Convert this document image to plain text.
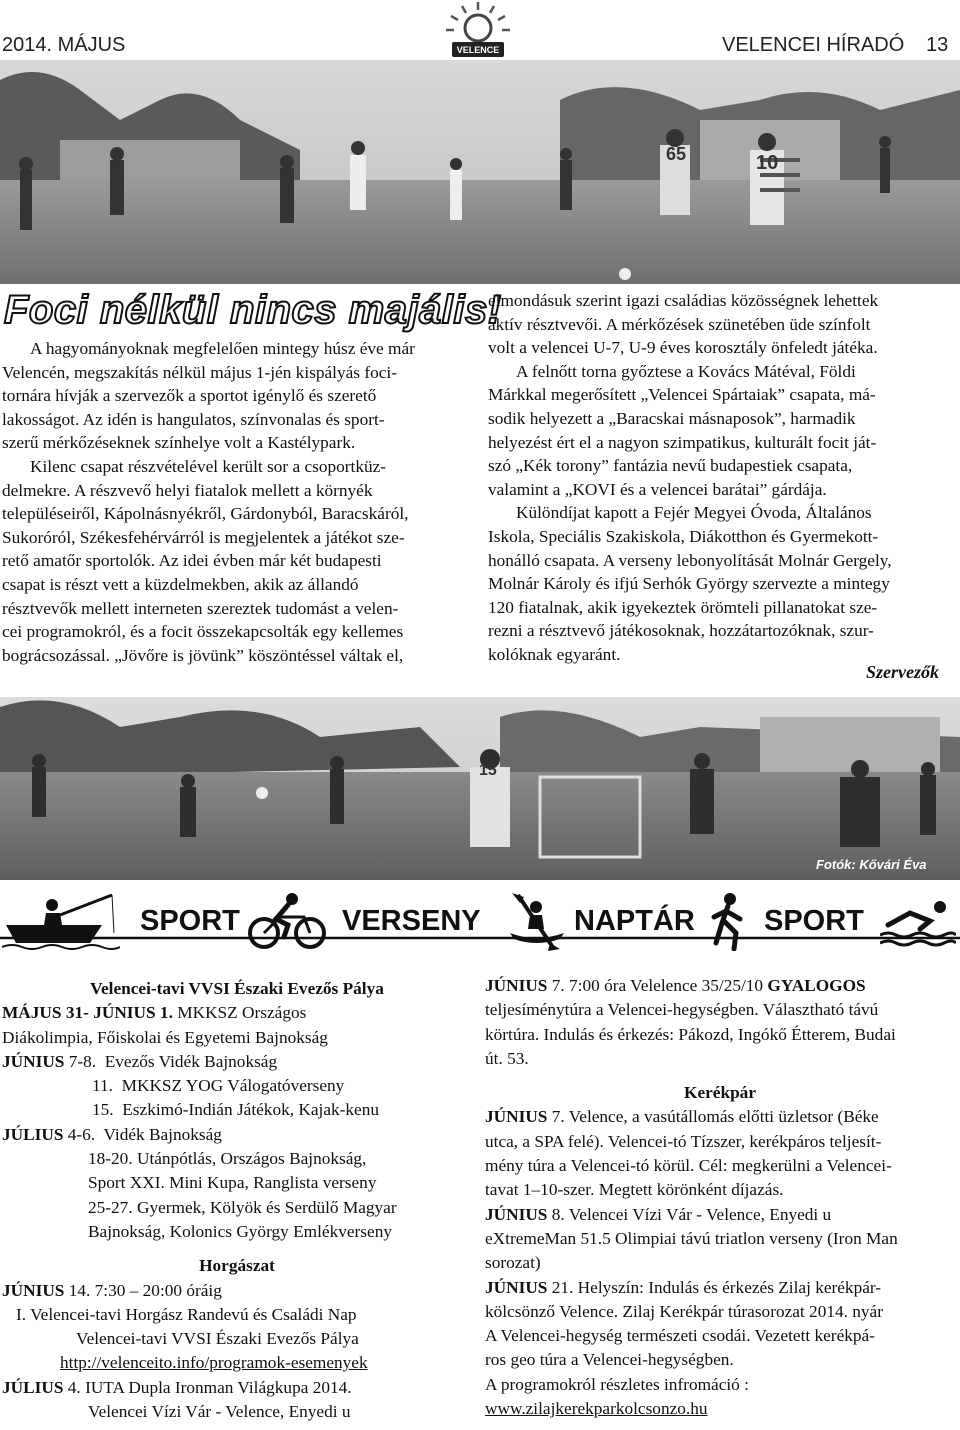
2014. MÁJUS	VELENCEI HÍRADÓ 13
VELENCE
65	10
Foci nélkül nincs majális!

A hagyományoknak megfelelően mintegy húsz éve már

Velencén, megszakítás nélkül május 1-jén kispályás foci-

tornára hívják a szervezők a sportot igénylő és szerető

lakosságot. Az idén is hangulatos, színvonalas és sport-

szerű mérkőzéseknek színhelye volt a Kastélypark.

Kilenc csapat részvételével került sor a csoportküz-

delmekre. A részvevő helyi fiatalok mellett a környék

településeiről, Kápolnásnyékről, Gárdonyból, Baracskáról,

Sukoróról, Székesfehérvárról is megjelentek a játékot sze-

rető amatőr sportolók. Az idei évben már két budapesti

csapat is részt vett a küzdelmekben, akik az állandó

résztvevők mellett interneten szereztek tudomást a velen-

cei programokról, és a focit összekapcsolták egy kellemes

bográcsozással. „Jövőre is jövünk” köszöntéssel váltak el,

elmondásuk szerint igazi családias közösségnek lehettek

aktív résztvevői. A mérkőzések szünetében üde színfolt

volt a velencei U-7, U-9 éves korosztály önfeledt játéka.

A felnőtt torna győztese a Kovács Mátéval, Földi

Márkkal megerősített „Velencei Spártaiak” csapata, má-

sodik helyezett a „Baracskai másnaposok”, harmadik

helyezést ért el a nagyon szimpatikus, kulturált focit ját-

szó „Kék torony” fantázia nevű budapestiek csapata,

valamint a „KOVI és a velencei barátai” gárdája.

Különdíjat kapott a Fejér Megyei Óvoda, Általános

Iskola, Speciális Szakiskola, Diákotthon és Gyermekott-

honálló csapata. A verseny lebonyolítását Molnár Gergely,

Molnár Károly és ifjú Serhók György szervezte a mintegy

120 fiatalnak, akik igyekeztek örömteli pillanatokat sze-

rezni a résztvevő játékosoknak, hozzátartozóknak, szur-

kolóknak egyaránt.

Szervezők
15
Fotók: Kővári Éva
SPORT	VERSENY	NAPTÁR SPORT

Velencei-tavi VVSI Északi Evezős Pálya

MÁJUS 31- JÚNIUS 1. MKKSZ Országos

Diákolimpia, Főiskolai és Egyetemi Bajnokság

JÚNIUS 7-8.  Evezős Vidék Bajnokság

11.  MKKSZ YOG Válogatóverseny

15.  Eszkimó-Indián Játékok, Kajak-kenu

JÚLIUS 4-6.  Vidék Bajnokság

18-20. Utánpótlás, Országos Bajnokság,

Sport XXI. Mini Kupa, Ranglista verseny

25-27. Gyermek, Kölyök és Serdülő Magyar

Bajnokság, Kolonics György Emlékverseny

Horgászat

JÚNIUS 14. 7:30 – 20:00 óráig

I. Velencei-tavi Horgász Randevú és Családi Nap

Velencei-tavi VVSI Északi Evezős Pálya

http://velenceito.info/programok-esemenyek

JÚLIUS 4. IUTA Dupla Ironman Világkupa 2014.

Velencei Vízi Vár - Velence, Enyedi u

JÚNIUS 7. 7:00 óra Velelence 35/25/10 GYALOGOS

teljesíménytúra a Velencei-hegységben. Választható távú

körtúra. Indulás és érkezés: Pákozd, Ingókő Étterem, Budai

út. 53.

Kerékpár

JÚNIUS 7. Velence, a vasútállomás előtti üzletsor (Béke

utca, a SPA felé). Velencei-tó Tízszer, kerékpáros teljesít-

mény túra a Velencei-tó körül. Cél: megkerülni a Velencei-

tavat 1–10-szer. Megtett körönként díjazás.

JÚNIUS 8. Velencei Vízi Vár - Velence, Enyedi u

eXtremeMan 51.5 Olimpiai távú triatlon verseny (Iron Man

sorozat)

JÚNIUS 21. Helyszín: Indulás és érkezés Zilaj kerékpár-

kölcsönző Velence. Zilaj Kerékpár túrasorozat 2014. nyár

A Velencei-hegység természeti csodái. Vezetett kerékpá-

ros geo túra a Velencei-hegységben.

A programokról részletes infromáció :

www.zilajkerekparkolcsonzo.hu
